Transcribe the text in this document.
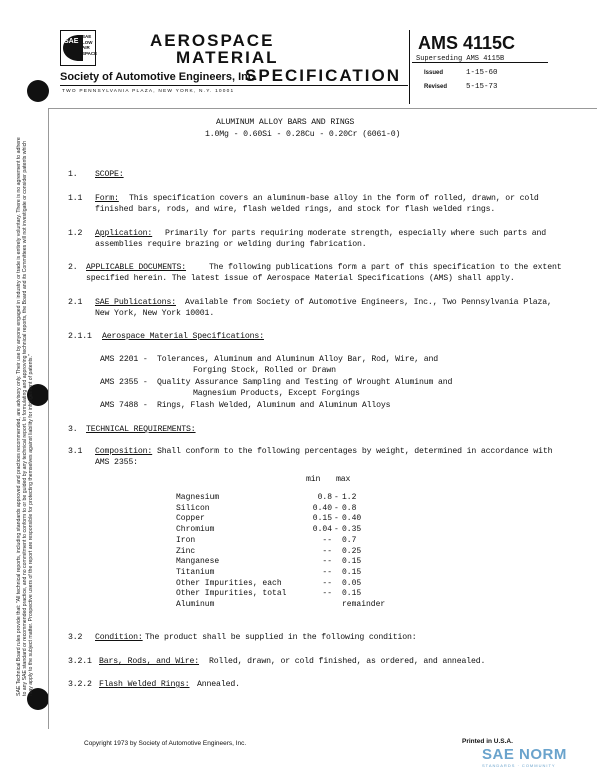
SAE
SAE
LOW
AIR
SPACE
AEROSPACE
MATERIAL
SPECIFICATION
Society of Automotive Engineers, Inc.
TWO PENNSYLVANIA PLAZA, NEW YORK, N.Y. 10001
AMS 4115C
Superseding AMS 4115B
Issued	1-15-60
Revised	5-15-73
SAE Technical Board rules provide that: "All technical reports, including standards approved and practices recommended, are advisory only. Their use by anyone engaged in industry or trade is entirely voluntary. There is no agreement to adhere to any SAE standard or recommended practice, and no commitment to conform to or be guided by any technical report. In formulating and approving technical reports, the Board and its Committees will not investigate or consider patents which may apply to the subject matter. Prospective users of the report are responsible for protecting themselves against liability for infringement of patents."
ALUMINUM ALLOY BARS AND RINGS
1.0Mg - 0.60Si - 0.28Cu - 0.20Cr (6061-0)
1. SCOPE:
1.1 Form: This specification covers an aluminum-base alloy in the form of rolled, drawn, or cold
finished bars, rods, and wire, flash welded rings, and stock for flash welded rings.
1.2 Application: Primarily for parts requiring moderate strength, especially where such parts and
assemblies require brazing or welding during fabrication.
2. APPLICABLE DOCUMENTS:	The following publications form a part of this specification to the extent
specified herein. The latest issue of Aerospace Material Specifications (AMS) shall apply.
2.1 SAE Publications: Available from Society of Automotive Engineers, Inc., Two Pennsylvania Plaza,
New York, New York 10001.
2.1.1 Aerospace Material Specifications:
AMS 2201 - Tolerances, Aluminum and Aluminum Alloy Bar, Rod, Wire, and
Forging Stock, Rolled or Drawn
AMS 2355 - Quality Assurance Sampling and Testing of Wrought Aluminum and
Magnesium Products, Except Forgings
AMS 7488 - Rings, Flash Welded, Aluminum and Aluminum Alloys
3. TECHNICAL REQUIREMENTS:
3.1 Composition: Shall conform to the following percentages by weight, determined in accordance with
AMS 2355:
min max
Magnesium	0.8 - 1.2
Silicon	0.40 - 0.8
Copper	0.15 - 0.40
Chromium	0.04 - 0.35
Iron	-- 0.7
Zinc	-- 0.25
Manganese	-- 0.15
Titanium	-- 0.15
Other Impurities, each	-- 0.05
Other Impurities, total	-- 0.15
Aluminum	remainder
3.2 Condition: The product shall be supplied in the following condition:
3.2.1 Bars, Rods, and Wire: Rolled, drawn, or cold finished, as ordered, and annealed.
3.2.2 Flash Welded Rings: Annealed.
Copyright 1973 by Society of Automotive Engineers, Inc.	Printed in U.S.A.
SAE NORM
STANDARDS · COMMUNITY
